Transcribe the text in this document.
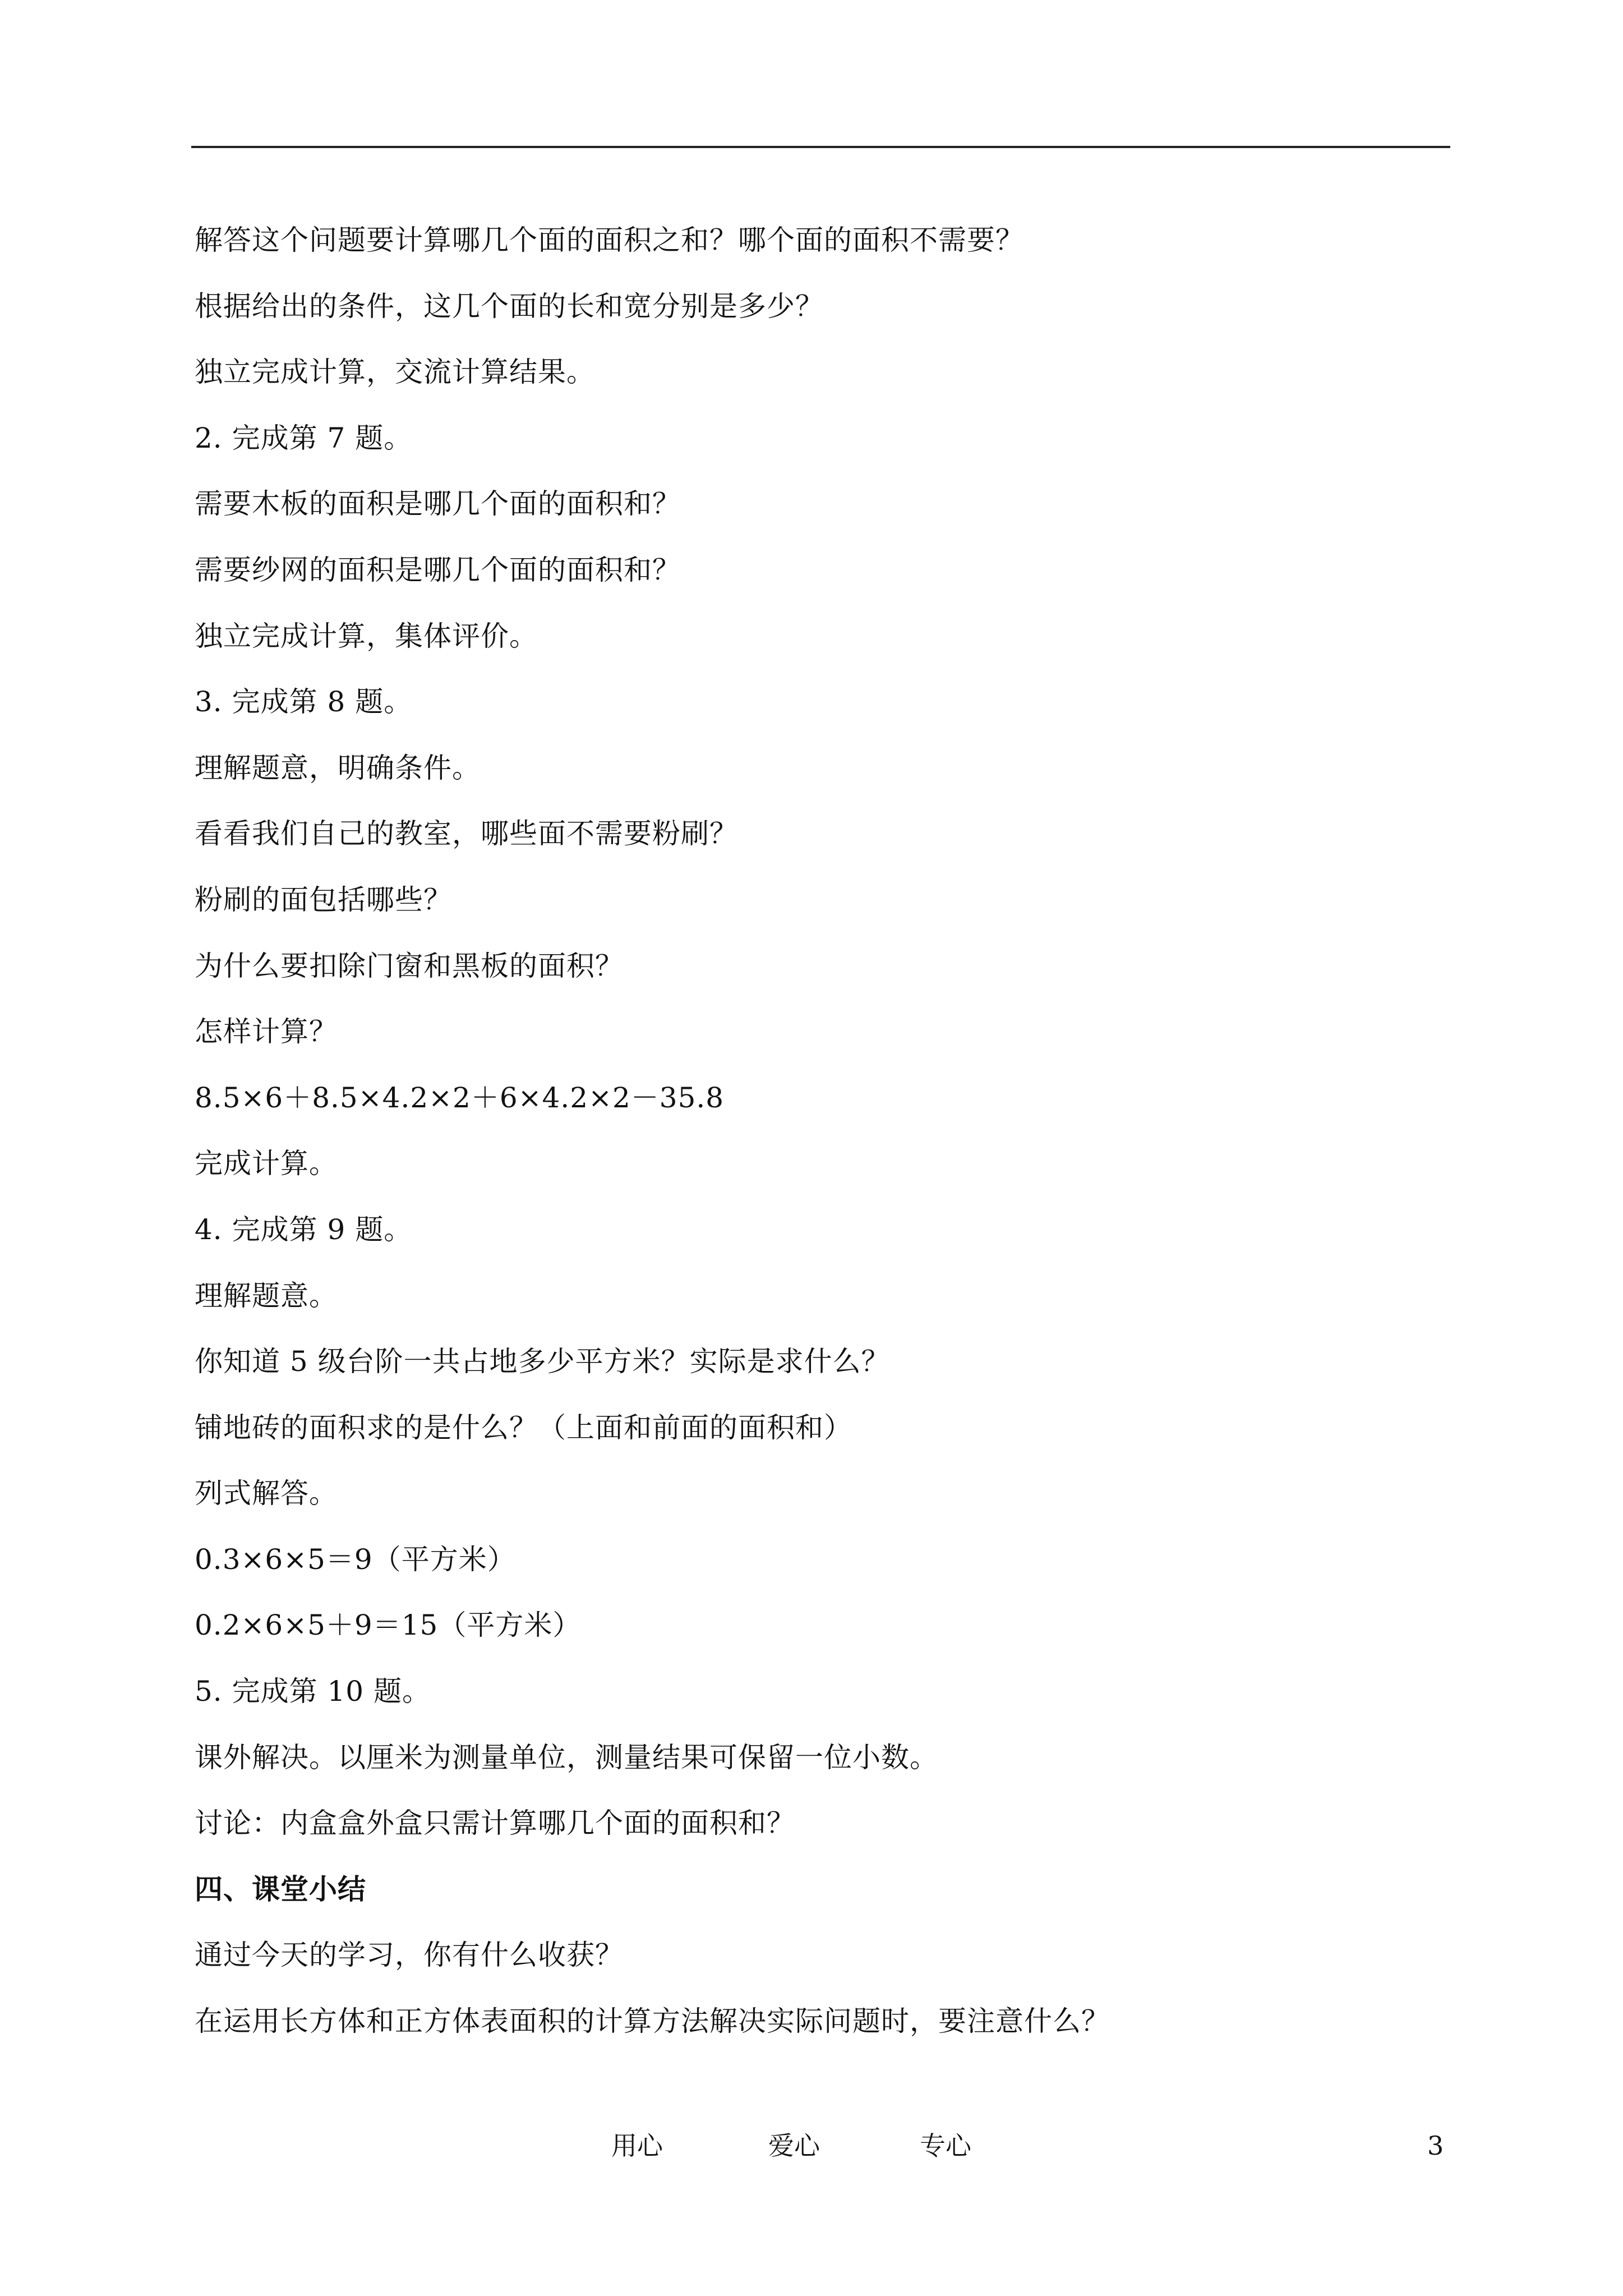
解答这个问题要计算哪几个面的面积之和？哪个面的面积不需要？
根据给出的条件，这几个面的长和宽分别是多少？
独立完成计算，交流计算结果。
2. 完成第 7 题。
需要木板的面积是哪几个面的面积和？
需要纱网的面积是哪几个面的面积和？
独立完成计算，集体评价。
3. 完成第 8 题。
理解题意，明确条件。
看看我们自己的教室，哪些面不需要粉刷？
粉刷的面包括哪些？
为什么要扣除门窗和黑板的面积？
怎样计算？
8.5×6＋8.5×4.2×2＋6×4.2×2－35.8
完成计算。
4. 完成第 9 题。
理解题意。
你知道 5 级台阶一共占地多少平方米？实际是求什么？
铺地砖的面积求的是什么？（上面和前面的面积和）
列式解答。
0.3×6×5＝9（平方米）
0.2×6×5＋9＝15（平方米）
5. 完成第 10 题。
课外解决。以厘米为测量单位，测量结果可保留一位小数。
讨论：内盒盒外盒只需计算哪几个面的面积和？
四、课堂小结
通过今天的学习，你有什么收获？
在运用长方体和正方体表面积的计算方法解决实际问题时，要注意什么？
用心	爱心	专心	3
